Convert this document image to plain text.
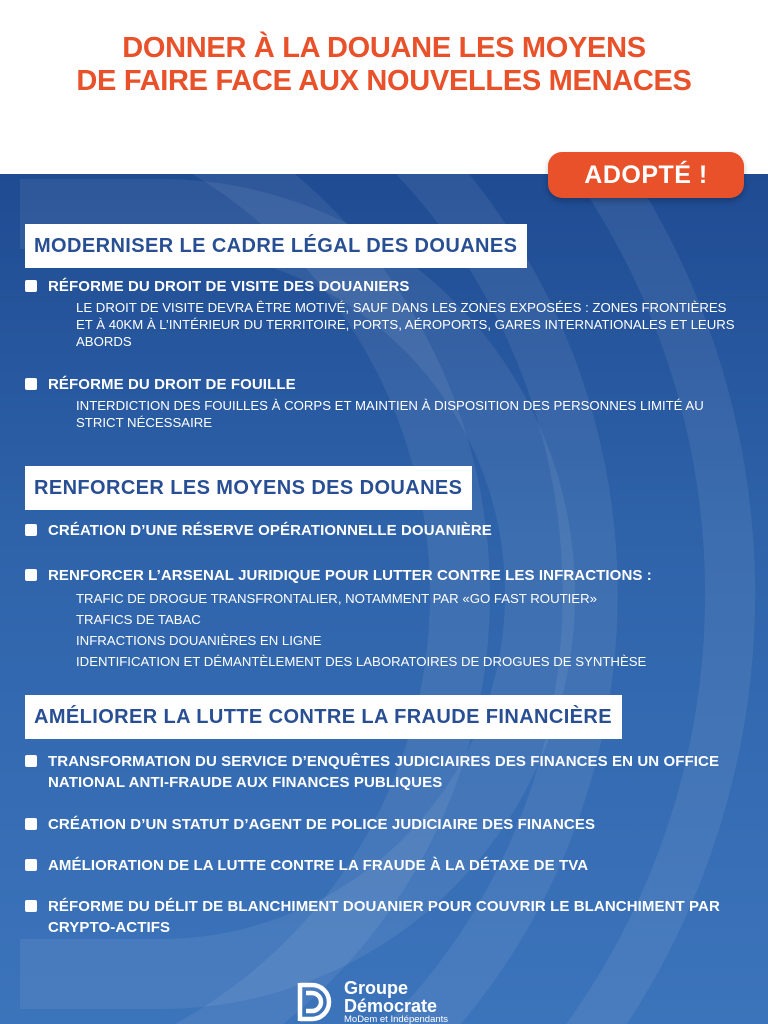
DONNER À LA DOUANE LES MOYENS
DE FAIRE FACE AUX NOUVELLES MENACES
ADOPTÉ !
MODERNISER LE CADRE LÉGAL DES DOUANES
RÉFORME DU DROIT DE VISITE DES DOUANIERS
LE DROIT DE VISITE DEVRA ÊTRE MOTIVÉ, SAUF DANS LES ZONES EXPOSÉES : ZONES FRONTIÈRES ET À 40KM À L’INTÉRIEUR DU TERRITOIRE, PORTS, AÉROPORTS, GARES INTERNATIONALES ET LEURS ABORDS
RÉFORME DU DROIT DE FOUILLE
INTERDICTION DES FOUILLES À CORPS ET MAINTIEN À DISPOSITION DES PERSONNES LIMITÉ AU STRICT NÉCESSAIRE
RENFORCER LES MOYENS DES DOUANES
CRÉATION D’UNE RÉSERVE OPÉRATIONNELLE DOUANIÈRE
RENFORCER L’ARSENAL JURIDIQUE POUR LUTTER CONTRE LES INFRACTIONS :
TRAFIC DE DROGUE TRANSFRONTALIER, NOTAMMENT PAR «GO FAST ROUTIER»
TRAFICS DE TABAC
INFRACTIONS DOUANIÈRES EN LIGNE
IDENTIFICATION ET DÉMANTÈLEMENT DES LABORATOIRES DE DROGUES DE SYNTHÈSE
AMÉLIORER LA LUTTE CONTRE LA FRAUDE FINANCIÈRE
TRANSFORMATION DU SERVICE D’ENQUÊTES JUDICIAIRES DES FINANCES EN UN OFFICE NATIONAL ANTI-FRAUDE AUX FINANCES PUBLIQUES
CRÉATION D’UN STATUT D’AGENT DE POLICE JUDICIAIRE DES FINANCES
AMÉLIORATION DE LA LUTTE CONTRE LA FRAUDE À LA DÉTAXE DE TVA
RÉFORME DU DÉLIT DE BLANCHIMENT DOUANIER POUR COUVRIR LE BLANCHIMENT PAR CRYPTO-ACTIFS
Groupe
Démocrate
MoDem et Indépendants
